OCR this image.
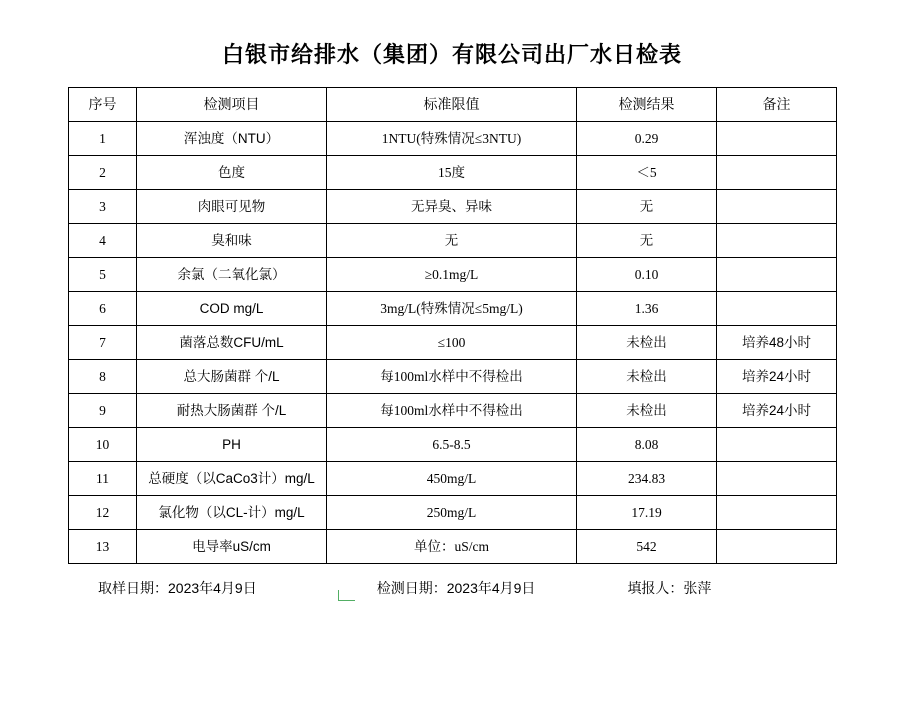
白银市给排水（集团）有限公司出厂水日检表
序号	检测项目	标准限值	检测结果	备注
1	浑浊度（NTU）	1NTU(特殊情况≤3NTU)	0.29	
2	色度	15度	＜5	
3	肉眼可见物	无异臭、异味	无	
4	臭和味	无	无	
5	余氯（二氧化氯）	≥0.1mg/L	0.10	
6	COD mg/L	3mg/L(特殊情况≤5mg/L)	1.36	
7	菌落总数CFU/mL	≤100	未检出	培养48小时
8	总大肠菌群 个/L	每100ml水样中不得检出	未检出	培养24小时
9	耐热大肠菌群 个/L	每100ml水样中不得检出	未检出	培养24小时
10	PH	6.5-8.5	8.08	
11	总硬度（以CaCo3计）mg/L	450mg/L	234.83	
12	氯化物（以CL-计）mg/L	250mg/L	17.19	
13	电导率uS/cm	单位：uS/cm	542	
取样日期：2023年4月9日	检测日期：2023年4月9日	填报人：张萍
